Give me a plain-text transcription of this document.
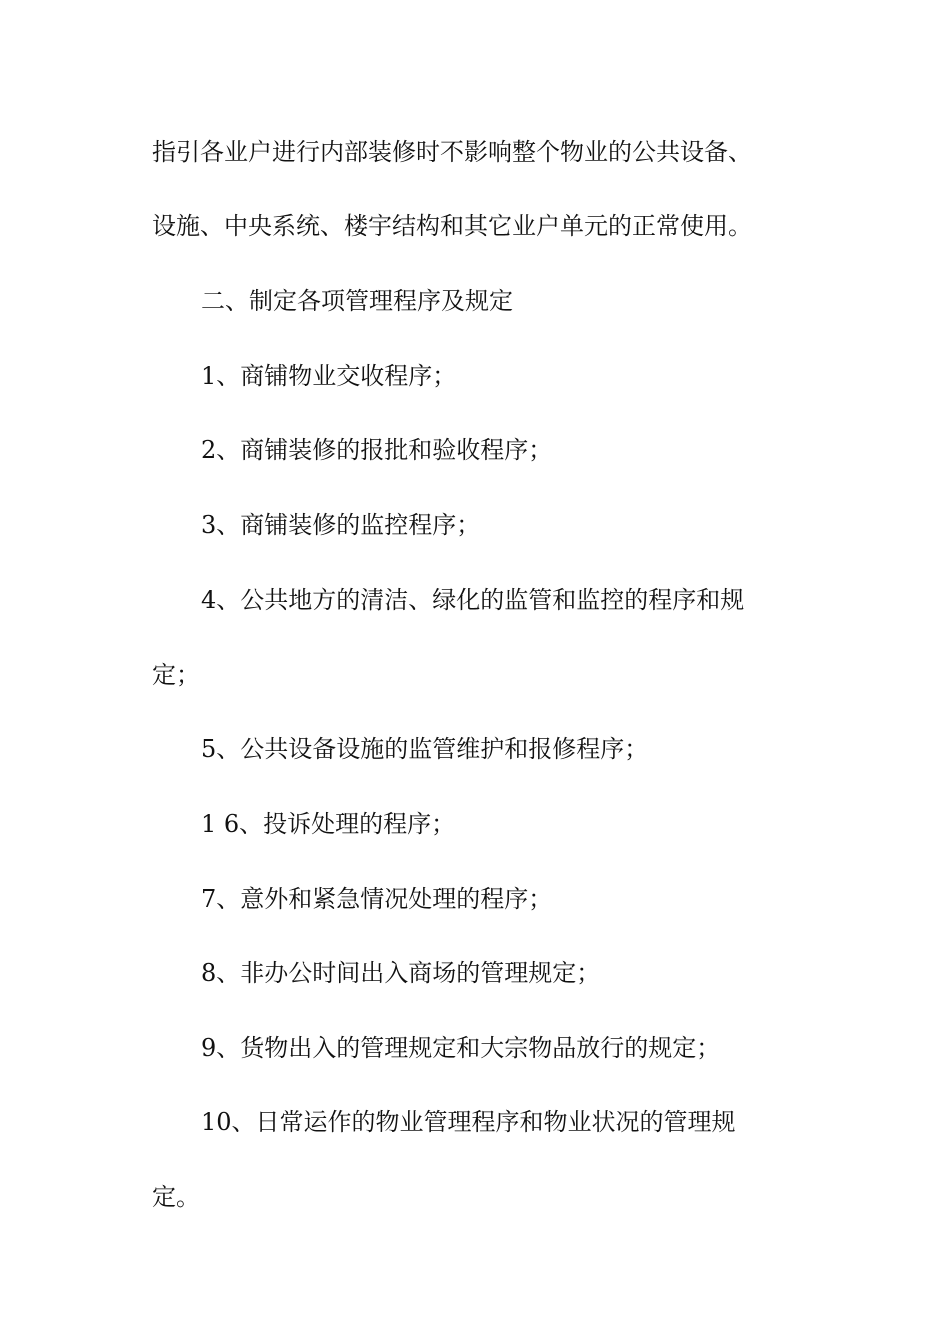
指引各业户进行内部装修时不影响整个物业的公共设备、
设施、中央系统、楼宇结构和其它业户单元的正常使用。
二、制定各项管理程序及规定
1、商铺物业交收程序；
2、商铺装修的报批和验收程序；
3、商铺装修的监控程序；
4、公共地方的清洁、绿化的监管和监控的程序和规
定；
5、公共设备设施的监管维护和报修程序；
1 6、投诉处理的程序；
7、意外和紧急情况处理的程序；
8、非办公时间出入商场的管理规定；
9、货物出入的管理规定和大宗物品放行的规定；
10、日常运作的物业管理程序和物业状况的管理规
定。
